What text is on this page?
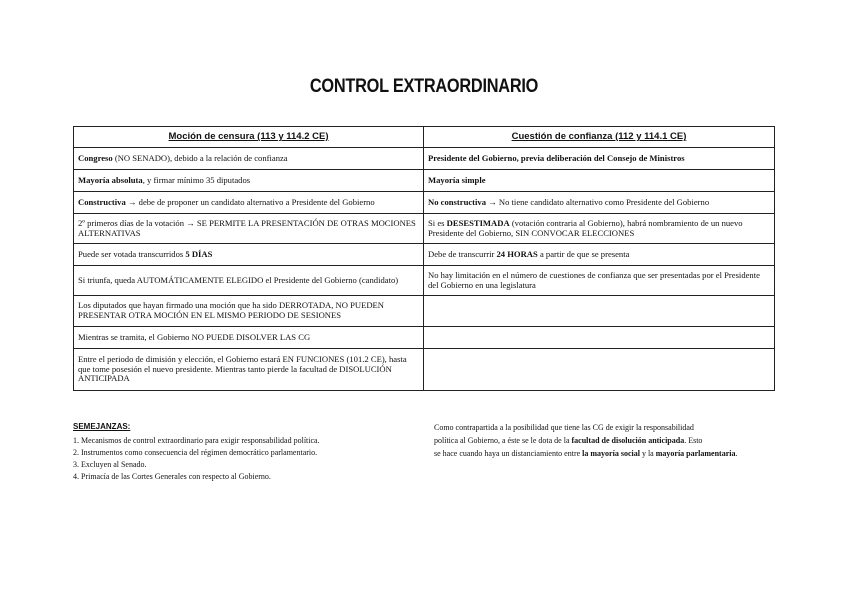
CONTROL EXTRAORDINARIO
Moción de censura (113 y 114.2 CE)	Cuestión de confianza (112 y 114.1 CE)
Congreso (NO SENADO), debido a la relación de confianza	Presidente del Gobierno, previa deliberación del Consejo de Ministros
Mayoría absoluta, y firmar mínimo 35 diputados	Mayoría simple
Constructiva → debe de proponer un candidato alternativo a Presidente del Gobierno	No constructiva → No tiene candidato alternativo como Presidente del Gobierno
2º primeros días de la votación → SE PERMITE LA PRESENTACIÓN DE OTRAS MOCIONES ALTERNATIVAS	Si es DESESTIMADA (votación contraria al Gobierno), habrá nombramiento de un nuevo Presidente del Gobierno, SIN CONVOCAR ELECCIONES
Puede ser votada transcurridos 5 DÍAS	Debe de transcurrir 24 HORAS a partir de que se presenta
Si triunfa, queda AUTOMÁTICAMENTE ELEGIDO el Presidente del Gobierno (candidato)	No hay limitación en el número de cuestiones de confianza que ser presentadas por el Presidente del Gobierno en una legislatura
Los diputados que hayan firmado una moción que ha sido DERROTADA, NO PUEDEN PRESENTAR OTRA MOCIÓN EN EL MISMO PERIODO DE SESIONES	
Mientras se tramita, el Gobierno NO PUEDE DISOLVER LAS CG	
Entre el periodo de dimisión y elección, el Gobierno estará EN FUNCIONES (101.2 CE), hasta que tome posesión el nuevo presidente. Mientras tanto pierde la facultad de DISOLUCIÓN ANTICIPADA	
SEMEJANZAS:
1. Mecanismos de control extraordinario para exigir responsabilidad política.
2. Instrumentos como consecuencia del régimen democrático parlamentario.
3. Excluyen al Senado.
4. Primacía de las Cortes Generales con respecto al Gobierno.

Como contrapartida a la posibilidad que tiene las CG de exigir la responsabilidad

política al Gobierno, a éste se le dota de la facultad de disolución anticipada. Esto

se hace cuando haya un distanciamiento entre la mayoría social y la mayoría parlamentaria.
